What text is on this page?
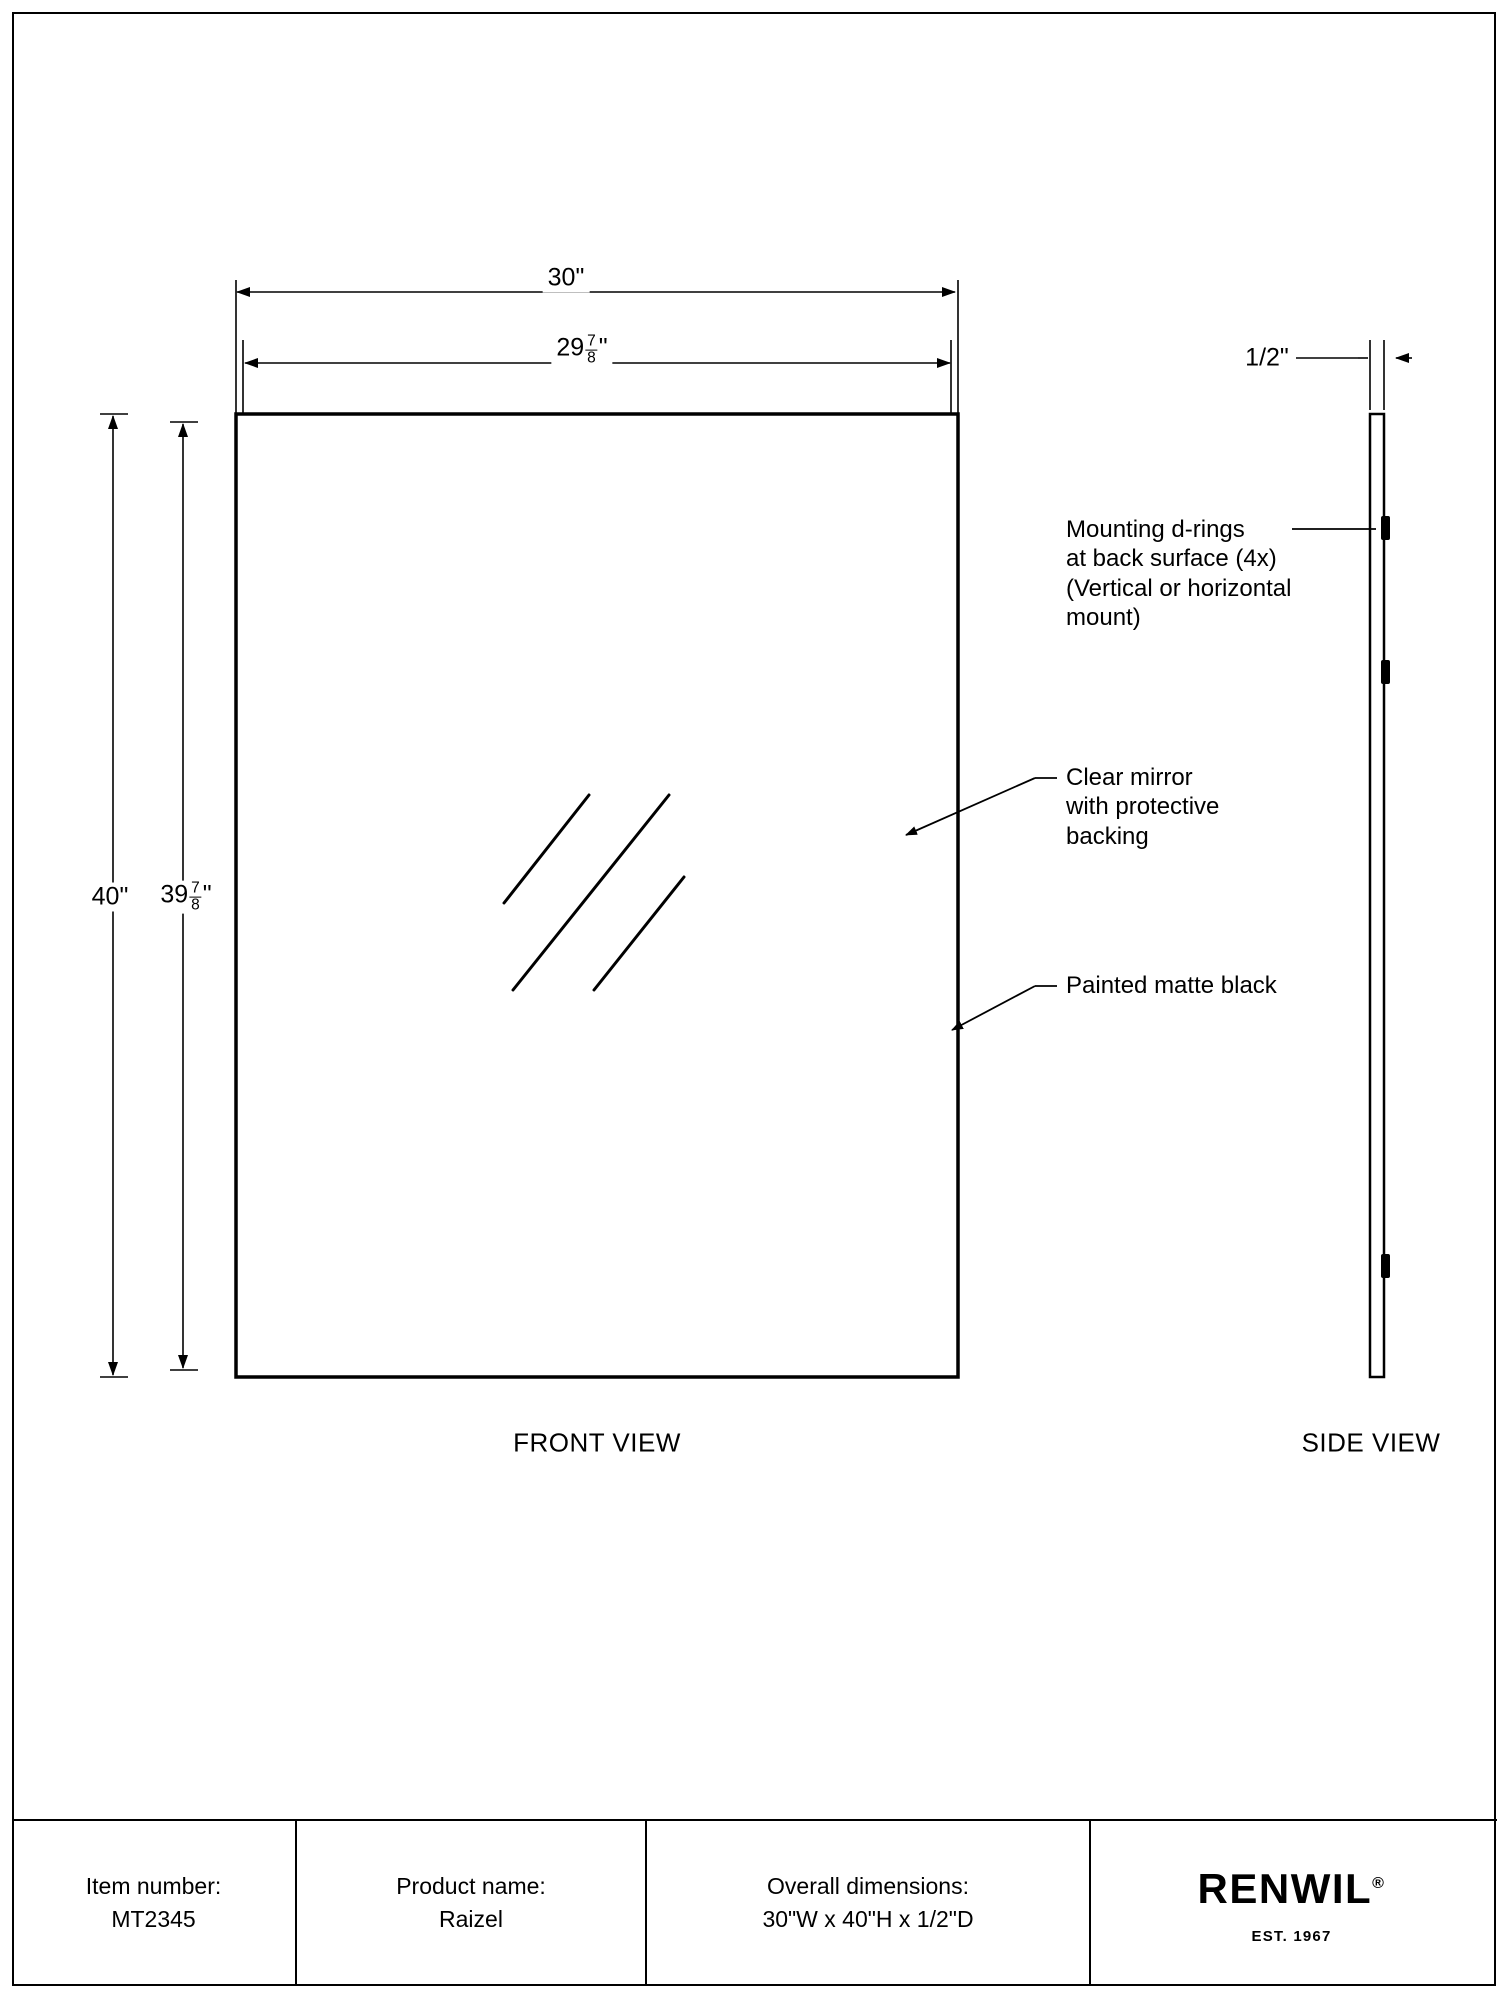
30"
$29 \frac{7}{8}$ "
40" $39 \frac{7}{8}$ "
1/2"
Mounting d-rings
at back surface (4x)
(Vertical or horizontal
mount)
Clear mirror
with protective
backing
Painted matte black
FRONT VIEW	SIDE VIEW
Item number:
MT2345
Product name:
Raizel
Overall dimensions:
30"W x 40"H x 1/2"D
RENWIL®
EST. 1967
